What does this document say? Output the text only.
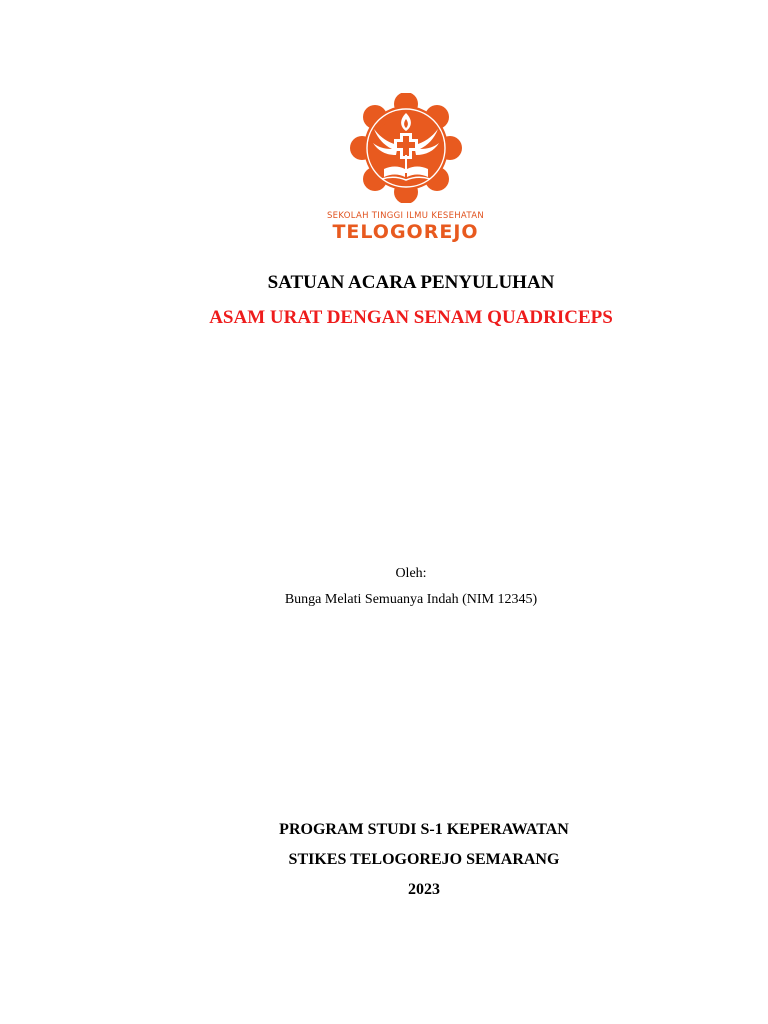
SEKOLAH TINGGI ILMU KESEHATAN
TELOGOREJO
SATUAN ACARA PENYULUHAN
ASAM URAT DENGAN SENAM QUADRICEPS
Oleh:
Bunga Melati Semuanya Indah (NIM 12345)
PROGRAM STUDI S-1 KEPERAWATAN
STIKES TELOGOREJO SEMARANG
2023
